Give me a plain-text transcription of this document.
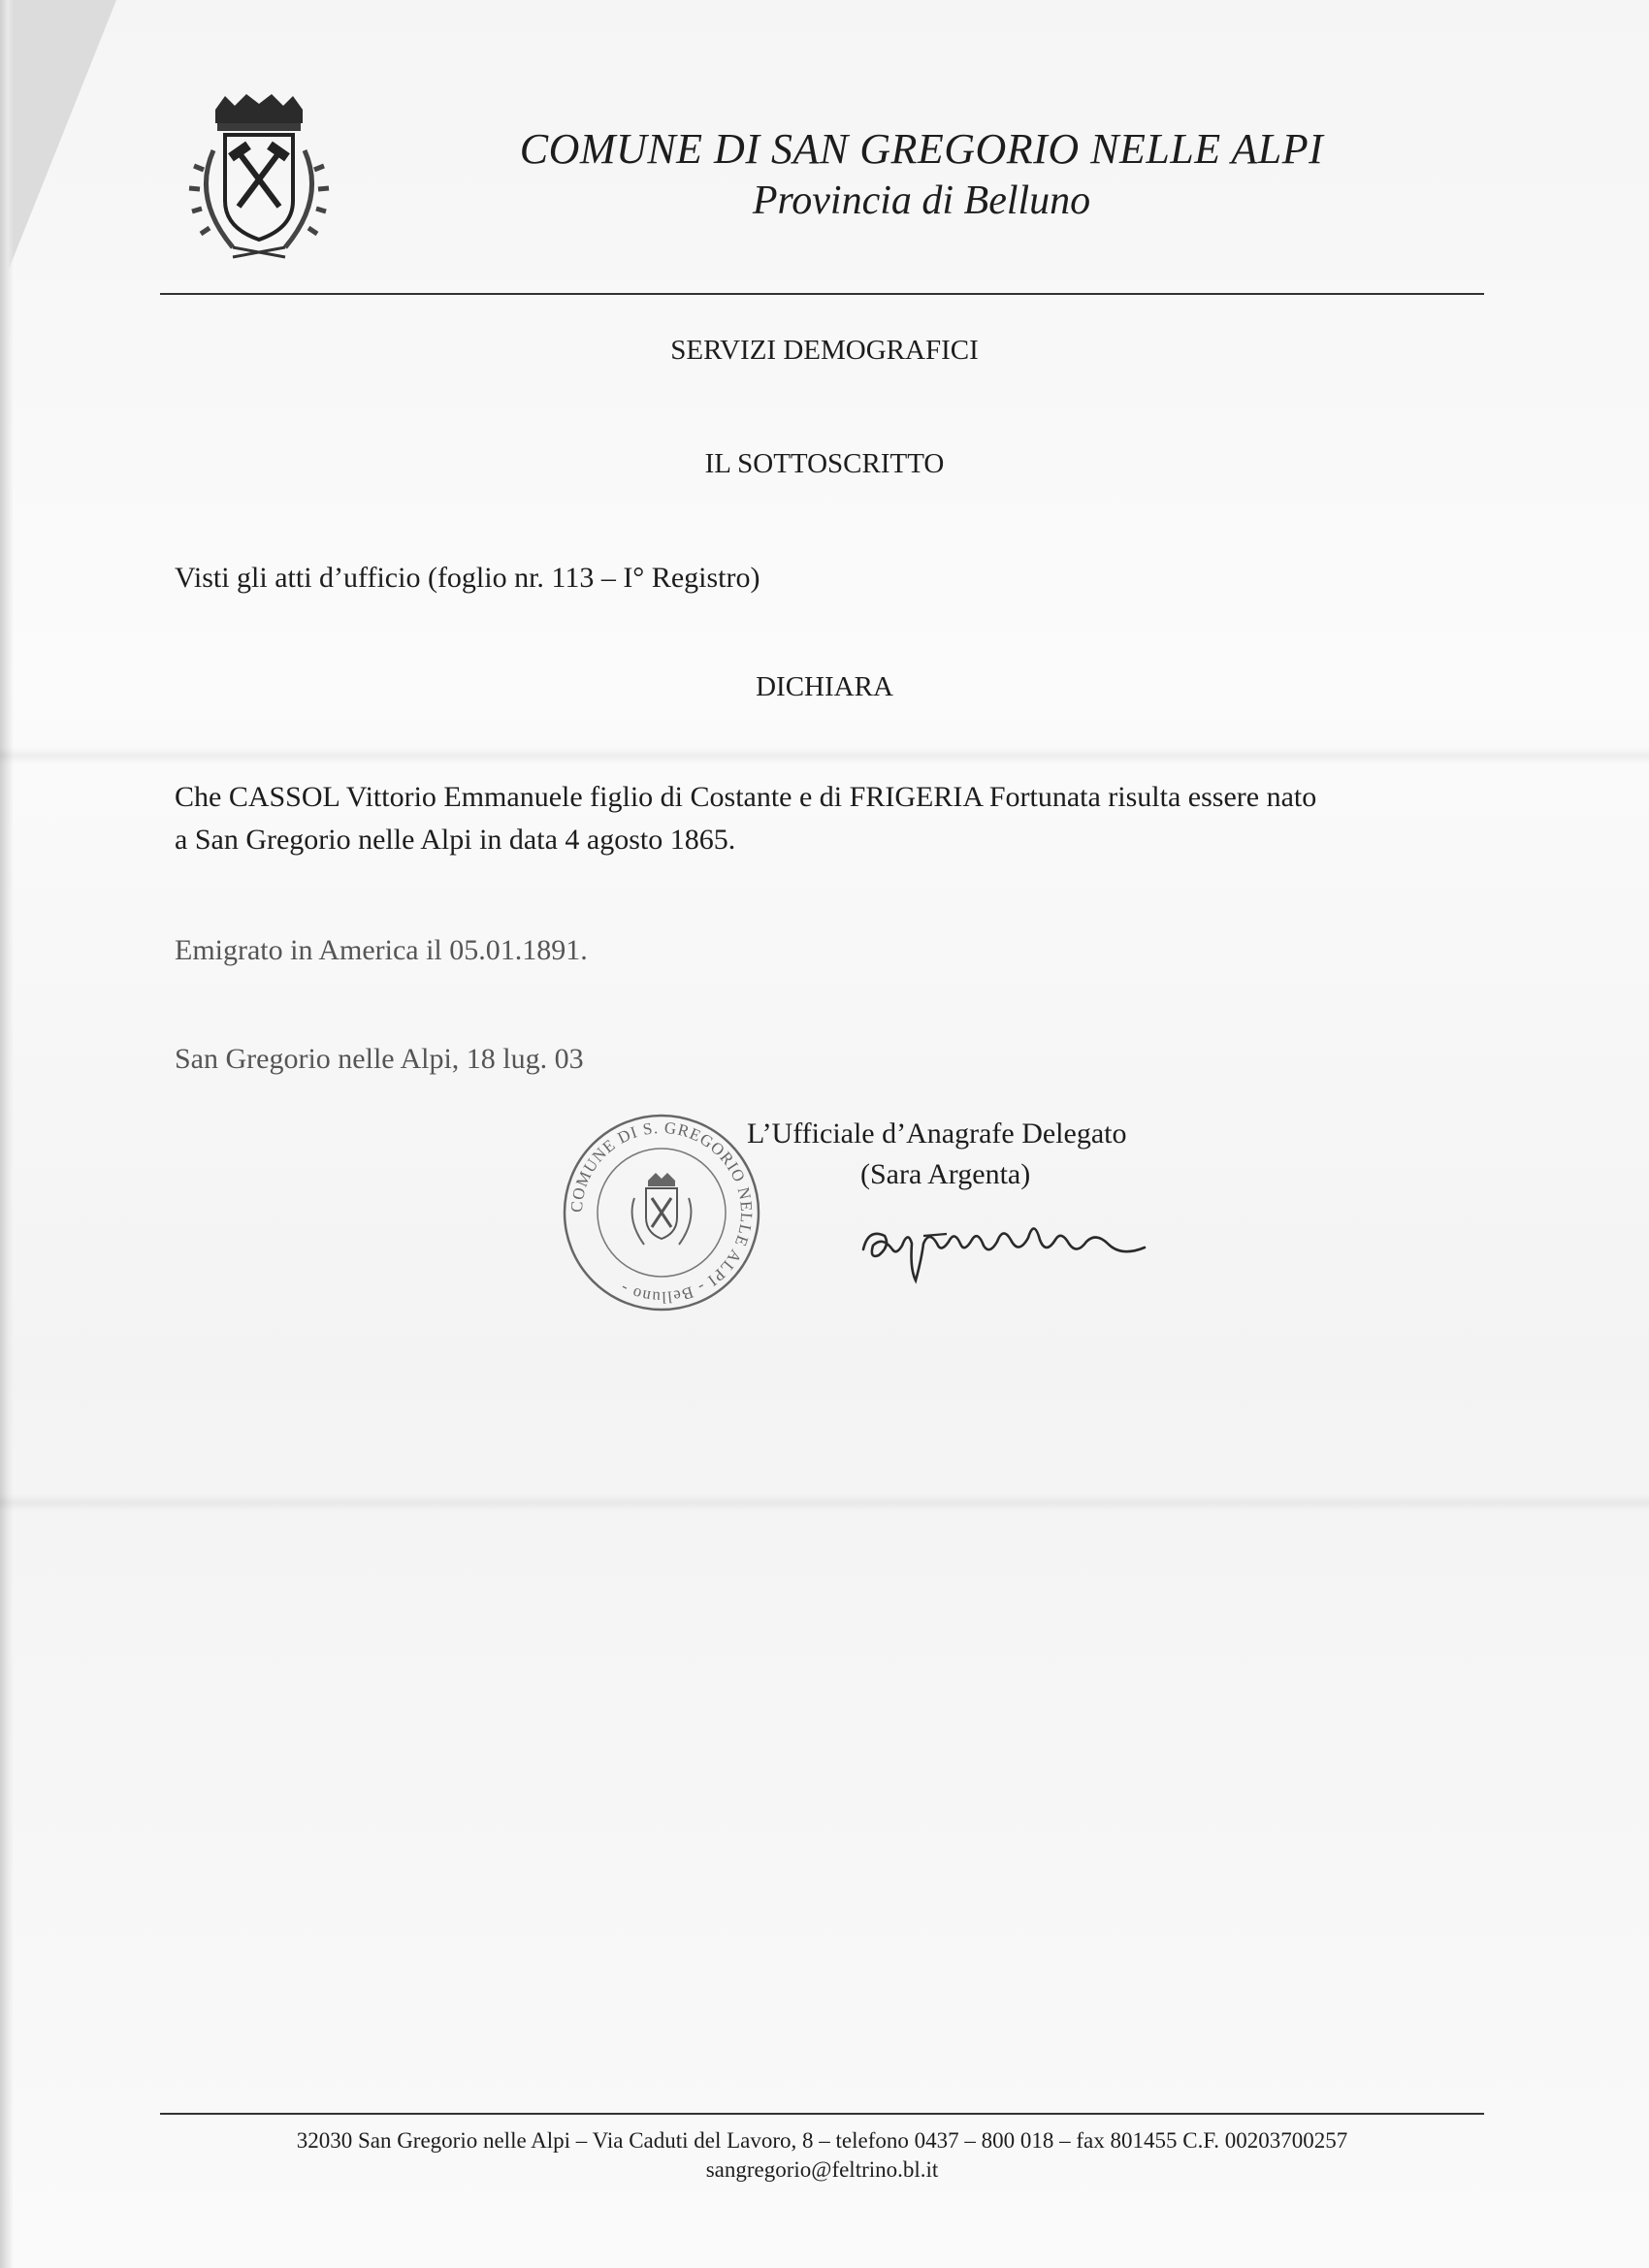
COMUNE DI SAN GREGORIO NELLE ALPI
Provincia di Belluno
SERVIZI DEMOGRAFICI
IL SOTTOSCRITTO
Visti gli atti d’ufficio (foglio nr. 113 – I° Registro)
DICHIARA
Che CASSOL Vittorio Emmanuele figlio di Costante e di FRIGERIA Fortunata risulta essere nato
a San Gregorio nelle Alpi in data 4 agosto 1865.
Emigrato in America il 05.01.1891.
San Gregorio nelle Alpi, 18 lug. 03
COMUNE DI S. GREGORIO NELLE ALPI - Belluno -
L’Ufficiale d’Anagrafe Delegato
(Sara Argenta)
32030 San Gregorio nelle Alpi – Via Caduti del Lavoro, 8 – telefono 0437 – 800 018 – fax 801455 C.F. 00203700257
sangregorio@feltrino.bl.it
